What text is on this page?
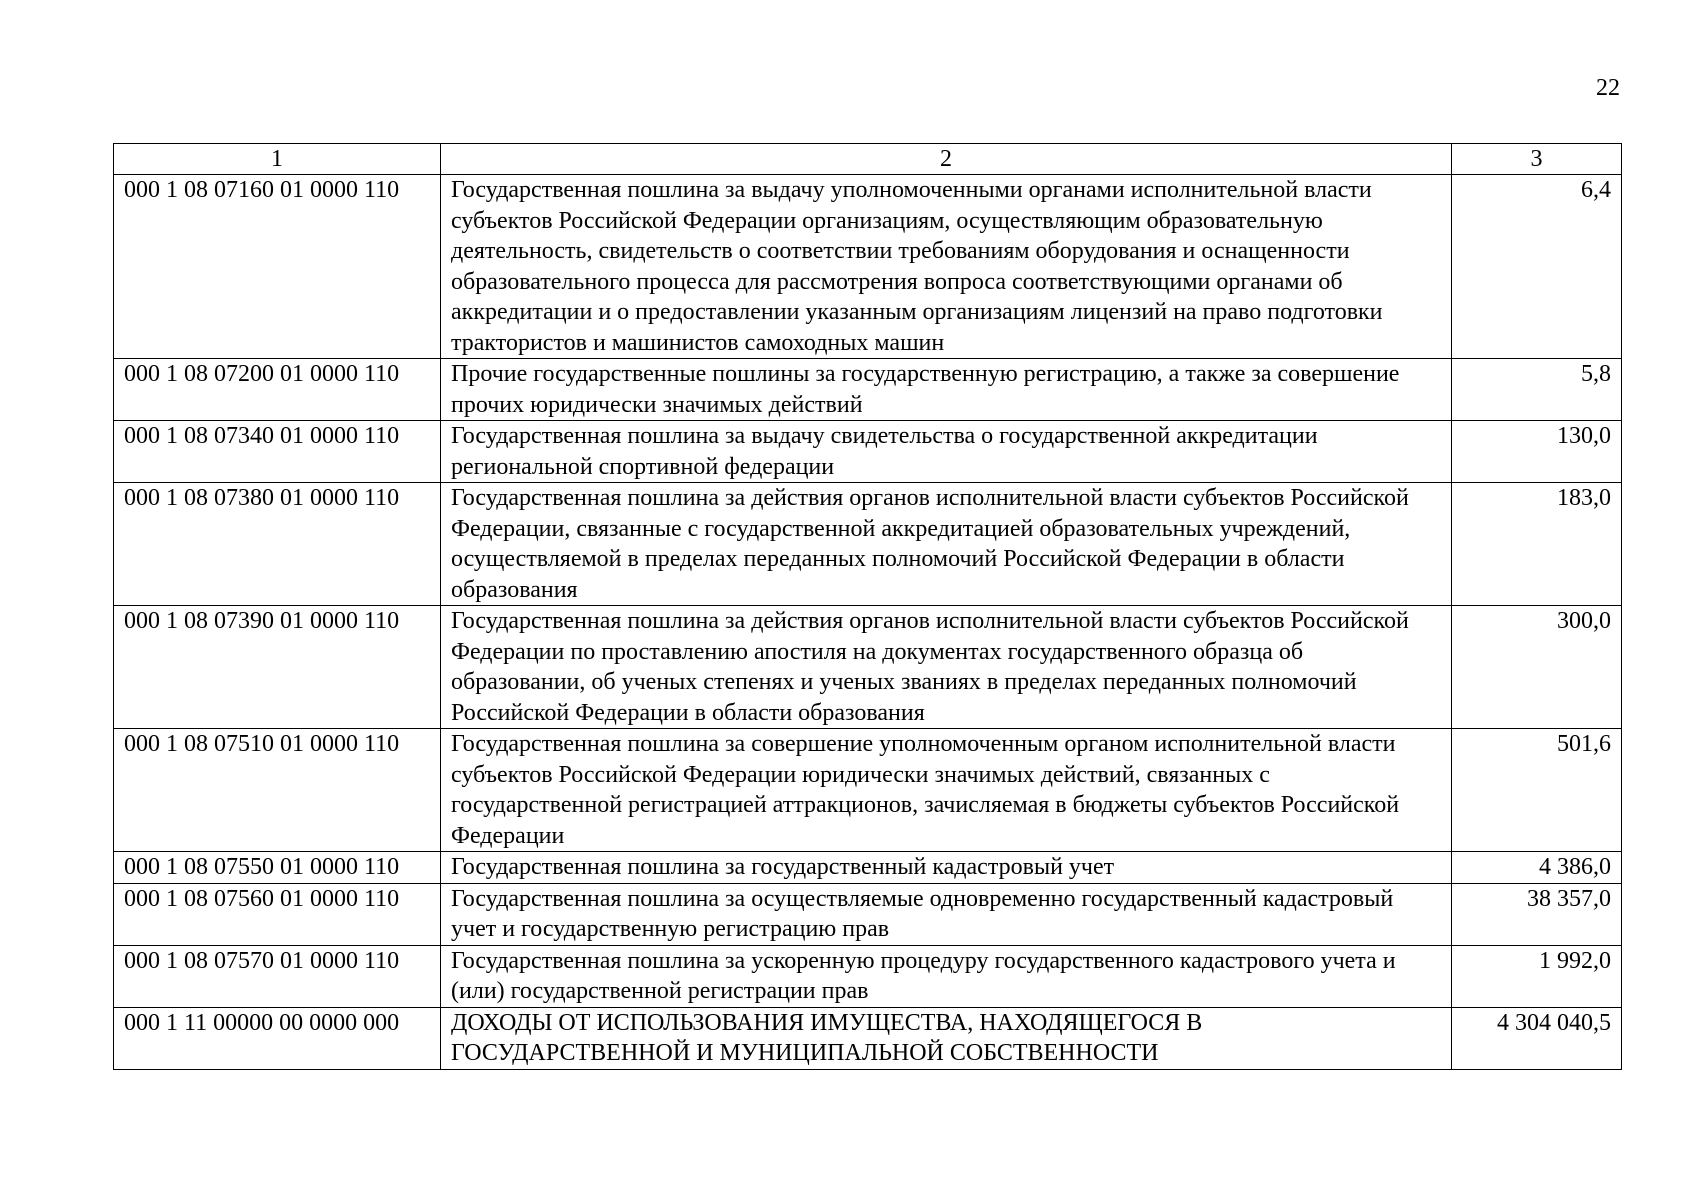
22
1	2	3
000 1 08 07160 01 0000 110	Государственная пошлина за выдачу уполномоченными органами исполнительной власти субъектов Российской Федерации организациям, осуществляющим образовательную деятельность, свидетельств о соответствии требованиям оборудования и оснащенности образовательного процесса для рассмотрения вопроса соответствующими органами об аккредитации и о предоставлении указанным организациям лицензий на право подготовки трактористов и машинистов самоходных машин	6,4
000 1 08 07200 01 0000 110	Прочие государственные пошлины за государственную регистрацию, а также за совершение прочих юридически значимых действий	5,8
000 1 08 07340 01 0000 110	Государственная пошлина за выдачу свидетельства о государственной аккредитации региональной спортивной федерации	130,0
000 1 08 07380 01 0000 110	Государственная пошлина за действия органов исполнительной власти субъектов Российской Федерации, связанные с государственной аккредитацией образовательных учреждений, осуществляемой в пределах переданных полномочий Российской Федерации в области образования	183,0
000 1 08 07390 01 0000 110	Государственная пошлина за действия органов исполнительной власти субъектов Российской Федерации по проставлению апостиля на документах государственного образца об образовании, об ученых степенях и ученых званиях в пределах переданных полномочий Российской Федерации в области образования	300,0
000 1 08 07510 01 0000 110	Государственная пошлина за совершение уполномоченным органом исполнительной власти субъектов Российской Федерации юридически значимых действий, связанных с государственной регистрацией аттракционов, зачисляемая в бюджеты субъектов Российской Федерации	501,6
000 1 08 07550 01 0000 110	Государственная пошлина за государственный кадастровый учет	4 386,0
000 1 08 07560 01 0000 110	Государственная пошлина за осуществляемые одновременно государственный кадастровый учет и государственную регистрацию прав	38 357,0
000 1 08 07570 01 0000 110	Государственная пошлина за ускоренную процедуру государственного кадастрового учета и (или) государственной регистрации прав	1 992,0
000 1 11 00000 00 0000 000	ДОХОДЫ ОТ ИСПОЛЬЗОВАНИЯ ИМУЩЕСТВА, НАХОДЯЩЕГОСЯ В ГОСУДАРСТВЕННОЙ И МУНИЦИПАЛЬНОЙ СОБСТВЕННОСТИ	4 304 040,5
